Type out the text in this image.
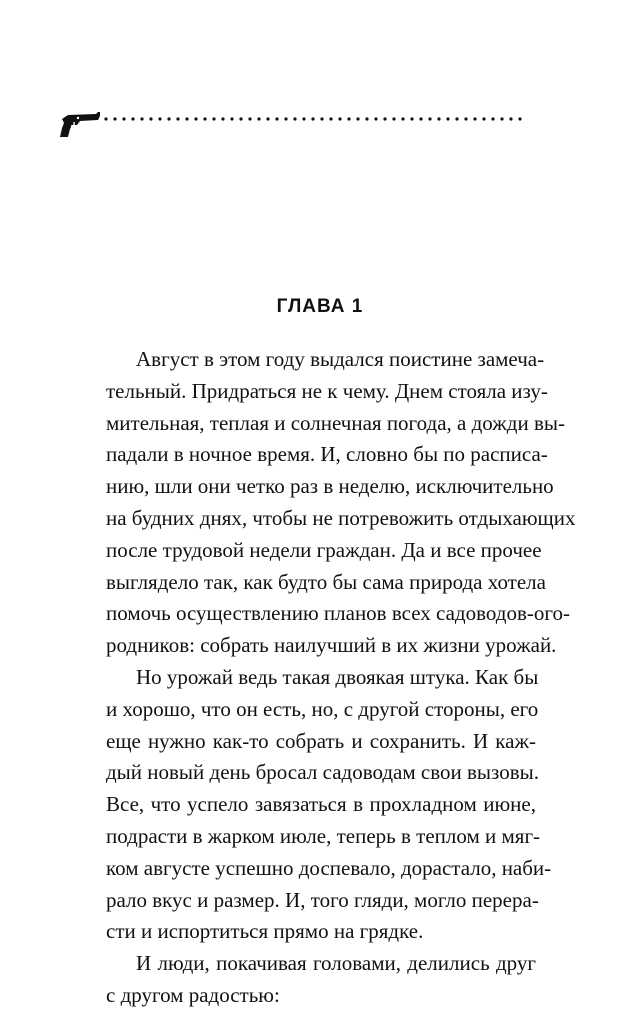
ГЛАВА 1

Август в этом году выдался поистине замеча-
тельный. Придраться не к чему. Днем стояла изу-
мительная, теплая и солнечная погода, а дожди вы-
падали в ночное время. И, словно бы по расписа-
нию, шли они четко раз в неделю, исключительно
на будних днях, чтобы не потревожить отдыхающих
после трудовой недели граждан. Да и все прочее
выглядело так, как будто бы сама природа хотела
помочь осуществлению планов всех садоводов-ого-
родников: собрать наилучший в их жизни урожай.

Но урожай ведь такая двоякая штука. Как бы
и хорошо, что он есть, но, с другой стороны, его
еще нужно как-то собрать и сохранить. И каж-
дый новый день бросал садоводам свои вызовы.
Все, что успело завязаться в прохладном июне,
подрасти в жарком июле, теперь в теплом и мяг-
ком августе успешно доспевало, дорастало, наби-
рало вкус и размер. И, того гляди, могло перера-
сти и испортиться прямо на грядке.

И люди, покачивая головами, делились друг
с другом радостью:
